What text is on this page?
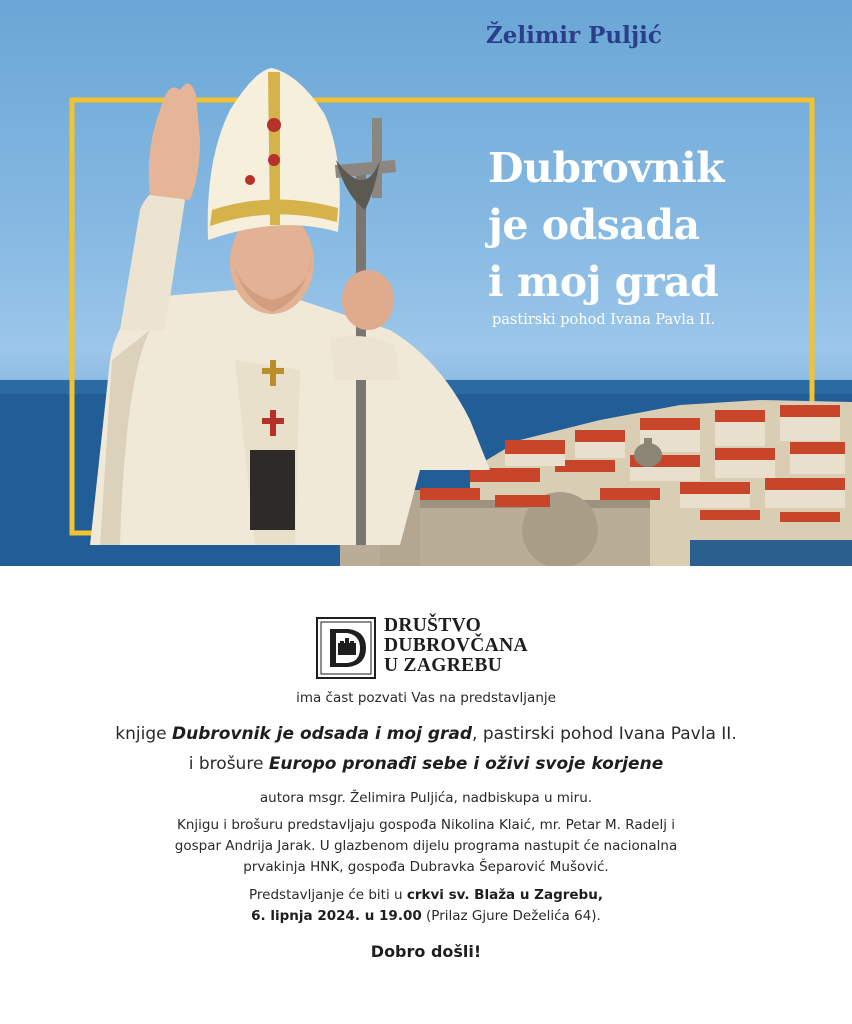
Želimir Puljić
Dubrovnik
je odsada
i moj grad
pastirski pohod Ivana Pavla II.
DRUŠTVO
DUBROVČANA
U ZAGREBU
ima čast pozvati Vas na predstavljanje
knjige Dubrovnik je odsada i moj grad, pastirski pohod Ivana Pavla II.
i brošure Europo pronađi sebe i oživi svoje korjene
autora msgr. Želimira Puljića, nadbiskupa u miru.
Knjigu i brošuru predstavljaju gospođa Nikolina Klaić, mr. Petar M. Radelj i
gospar Andrija Jarak. U glazbenom dijelu programa nastupit će nacionalna
prvakinja HNK, gospođa Dubravka Šeparović Mušović.
Predstavljanje će biti u crkvi sv. Blaža u Zagrebu,
6. lipnja 2024. u 19.00 (Prilaz Gjure Deželića 64).
Dobro došli!
